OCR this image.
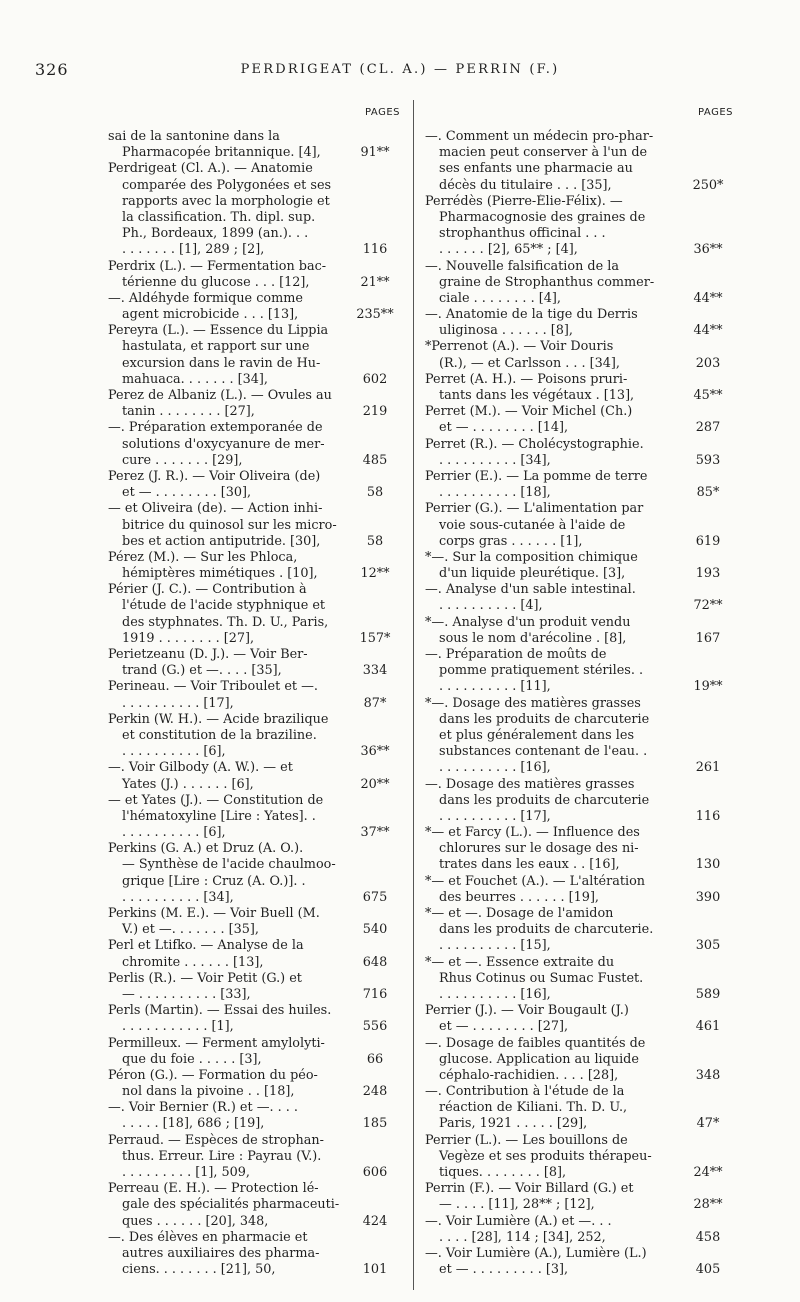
326	PERDRIGEAT (CL. A.) — PERRIN (F.)
PAGES
sai de la santonine dans la
Pharmacopée britannique. [4],	91**
Perdrigeat (Cl. A.). — Anatomie
comparée des Polygonées et ses
rapports avec la morphologie et
la classification. Th. dipl. sup.
Ph., Bordeaux, 1899 (an.). . .
. . . . . . . [1], 289 ; [2],	116
Perdrix (L.). — Fermentation bac-
térienne du glucose . . . [12],	21**
—. Aldéhyde formique comme
agent microbicide . . . [13],	235**
Pereyra (L.). — Essence du Lippia
hastulata, et rapport sur une
excursion dans le ravin de Hu-
mahuaca. . . . . . . [34],	602
Perez de Albaniz (L.). — Ovules au
tanin . . . . . . . . [27],	219
—. Préparation extemporanée de
solutions d'oxycyanure de mer-
cure . . . . . . . [29],	485
Perez (J. R.). — Voir Oliveira (de)
et — . . . . . . . . [30],	58
— et Oliveira (de). — Action inhi-
bitrice du quinosol sur les micro-
bes et action antiputride. [30],	58
Pérez (M.). — Sur les Phloca,
hémiptères mimétiques . [10],	12**
Périer (J. C.). — Contribution à
l'étude de l'acide styphnique et
des styphnates. Th. D. U., Paris,
1919 . . . . . . . . [27],	157*
Perietzeanu (D. J.). — Voir Ber-
trand (G.) et —. . . . [35],	334
Perineau. — Voir Triboulet et —.
. . . . . . . . . . [17],	87*
Perkin (W. H.). — Acide brazilique
et constitution de la braziline.
. . . . . . . . . . [6],	36**
—. Voir Gilbody (A. W.). — et
Yates (J.) . . . . . . [6],	20**
— et Yates (J.). — Constitution de
l'hématoxyline [Lire : Yates]. .
. . . . . . . . . . [6],	37**
Perkins (G. A.) et Druz (A. O.).
— Synthèse de l'acide chaulmoo-
grique [Lire : Cruz (A. O.)]. .
. . . . . . . . . . [34],	675
Perkins (M. E.). — Voir Buell (M.
V.) et —. . . . . . . [35],	540
Perl et Ltifko. — Analyse de la
chromite . . . . . . [13],	648
Perlis (R.). — Voir Petit (G.) et
— . . . . . . . . . . [33],	716
Perls (Martin). — Essai des huiles.
. . . . . . . . . . . [1],	556
Permilleux. — Ferment amylolyti-
que du foie . . . . . [3],	66
Péron (G.). — Formation du péo-
nol dans la pivoine . . [18],	248
—. Voir Bernier (R.) et —. . . .
. . . . . [18], 686 ; [19],	185
Perraud. — Espèces de strophan-
thus. Erreur. Lire : Payrau (V.).
. . . . . . . . . [1], 509,	606
Perreau (E. H.). — Protection lé-
gale des spécialités pharmaceuti-
ques . . . . . . [20], 348,	424
—. Des élèves en pharmacie et
autres auxiliaires des pharma-
ciens. . . . . . . . [21], 50,	101
PAGES
—. Comment un médecin pro-phar-
macien peut conserver à l'un de
ses enfants une pharmacie au
décès du titulaire . . . [35],	250*
Perrédès (Pierre-Élie-Félix). —
Pharmacognosie des graines de
strophanthus officinal . . .
. . . . . . [2], 65** ; [4],	36**
—. Nouvelle falsification de la
graine de Strophanthus commer-
ciale . . . . . . . . [4],	44**
—. Anatomie de la tige du Derris
uliginosa . . . . . . [8],	44**
*Perrenot (A.). — Voir Douris
(R.), — et Carlsson . . . [34],	203
Perret (A. H.). — Poisons pruri-
tants dans les végétaux . [13],	45**
Perret (M.). — Voir Michel (Ch.)
et — . . . . . . . . [14],	287
Perret (R.). — Cholécystographie.
. . . . . . . . . . [34],	593
Perrier (E.). — La pomme de terre
. . . . . . . . . . [18],	85*
Perrier (G.). — L'alimentation par
voie sous-cutanée à l'aide de
corps gras . . . . . . [1],	619
*—. Sur la composition chimique
d'un liquide pleurétique. [3],	193
—. Analyse d'un sable intestinal.
. . . . . . . . . . [4],	72**
*—. Analyse d'un produit vendu
sous le nom d'arécoline . [8],	167
—. Préparation de moûts de
pomme pratiquement stériles. .
. . . . . . . . . . [11],	19**
*—. Dosage des matières grasses
dans les produits de charcuterie
et plus généralement dans les
substances contenant de l'eau. .
. . . . . . . . . . [16],	261
—. Dosage des matières grasses
dans les produits de charcuterie
. . . . . . . . . . [17],	116
*— et Farcy (L.). — Influence des
chlorures sur le dosage des ni-
trates dans les eaux . . [16],	130
*— et Fouchet (A.). — L'altération
des beurres . . . . . . [19],	390
*— et —. Dosage de l'amidon
dans les produits de charcuterie.
. . . . . . . . . . [15],	305
*— et —. Essence extraite du
Rhus Cotinus ou Sumac Fustet.
. . . . . . . . . . [16],	589
Perrier (J.). — Voir Bougault (J.)
et — . . . . . . . . [27],	461
—. Dosage de faibles quantités de
glucose. Application au liquide
céphalo-rachidien. . . . [28],	348
—. Contribution à l'étude de la
réaction de Kiliani. Th. D. U.,
Paris, 1921 . . . . . [29],	47*
Perrier (L.). — Les bouillons de
Vegèze et ses produits thérapeu-
tiques. . . . . . . . [8],	24**
Perrin (F.). — Voir Billard (G.) et
— . . . . [11], 28** ; [12],	28**
—. Voir Lumière (A.) et —. . .
. . . . [28], 114 ; [34], 252,	458
—. Voir Lumière (A.), Lumière (L.)
et — . . . . . . . . . [3],	405
